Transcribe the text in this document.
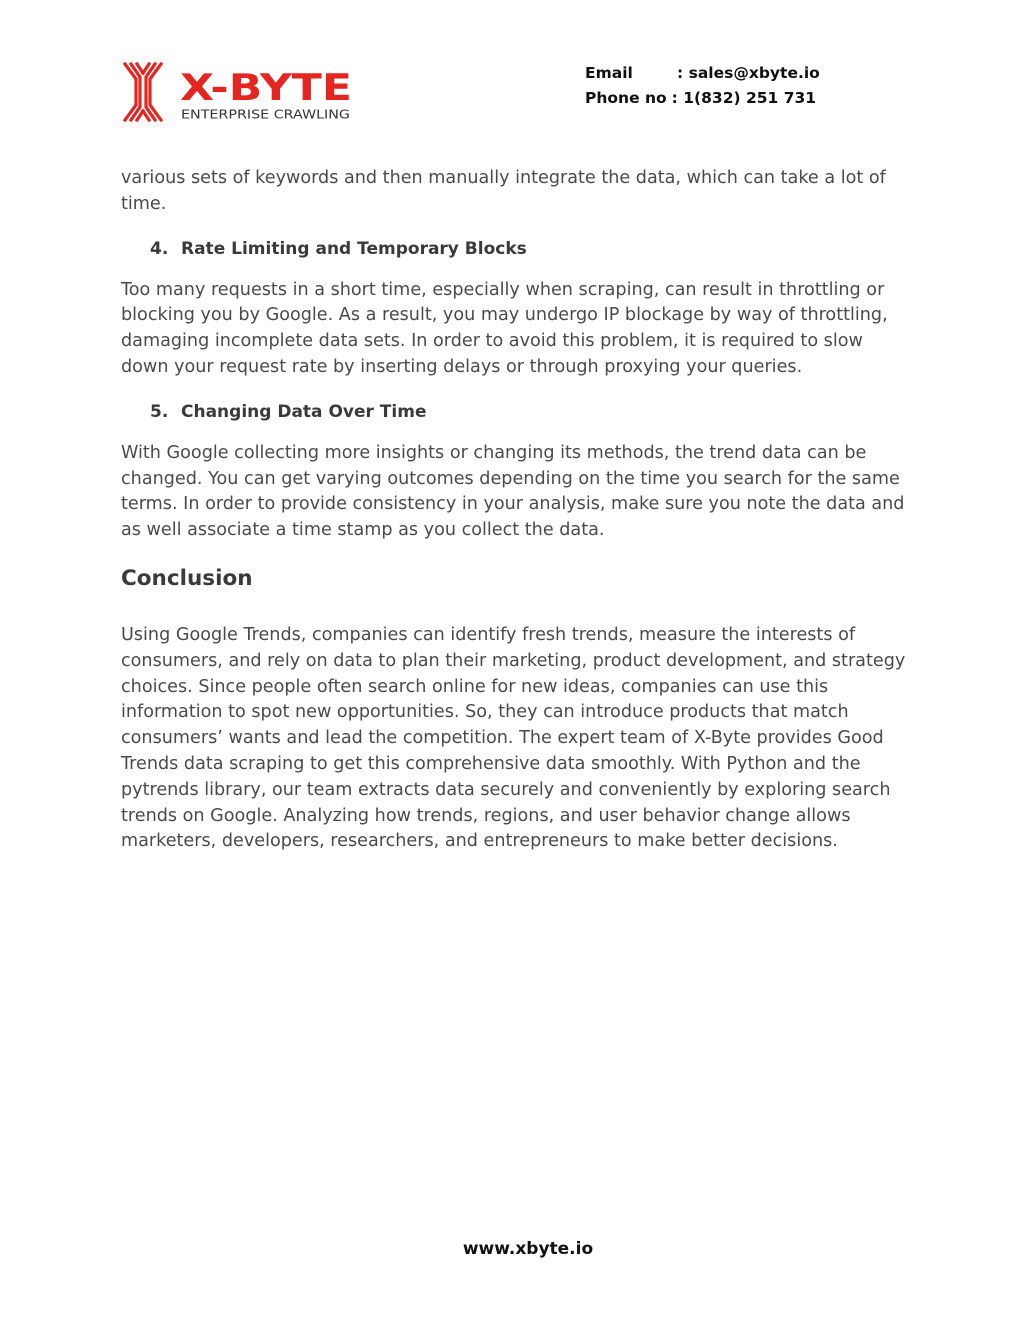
X-BYTE
ENTERPRISE CRAWLING
Email	: sales@xbyte.io
Phone no : 1(832) 251 731

various sets of keywords and then manually integrate the data, which can take a lot of time.

4. Rate Limiting and Temporary Blocks

Too many requests in a short time, especially when scraping, can result in throttling or blocking you by Google. As a result, you may undergo IP blockage by way of throttling, damaging incomplete data sets. In order to avoid this problem, it is required to slow down your request rate by inserting delays or through proxying your queries.

5. Changing Data Over Time

With Google collecting more insights or changing its methods, the trend data can be changed. You can get varying outcomes depending on the time you search for the same terms. In order to provide consistency in your analysis, make sure you note the data and as well associate a time stamp as you collect the data.

Conclusion

Using Google Trends, companies can identify fresh trends, measure the interests of consumers, and rely on data to plan their marketing, product development, and strategy choices. Since people often search online for new ideas, companies can use this information to spot new opportunities. So, they can introduce products that match consumers’ wants and lead the competition. The expert team of X-Byte provides Good Trends data scraping to get this comprehensive data smoothly. With Python and the pytrends library, our team extracts data securely and conveniently by exploring search trends on Google. Analyzing how trends, regions, and user behavior change allows marketers, developers, researchers, and entrepreneurs to make better decisions.

www.xbyte.io
